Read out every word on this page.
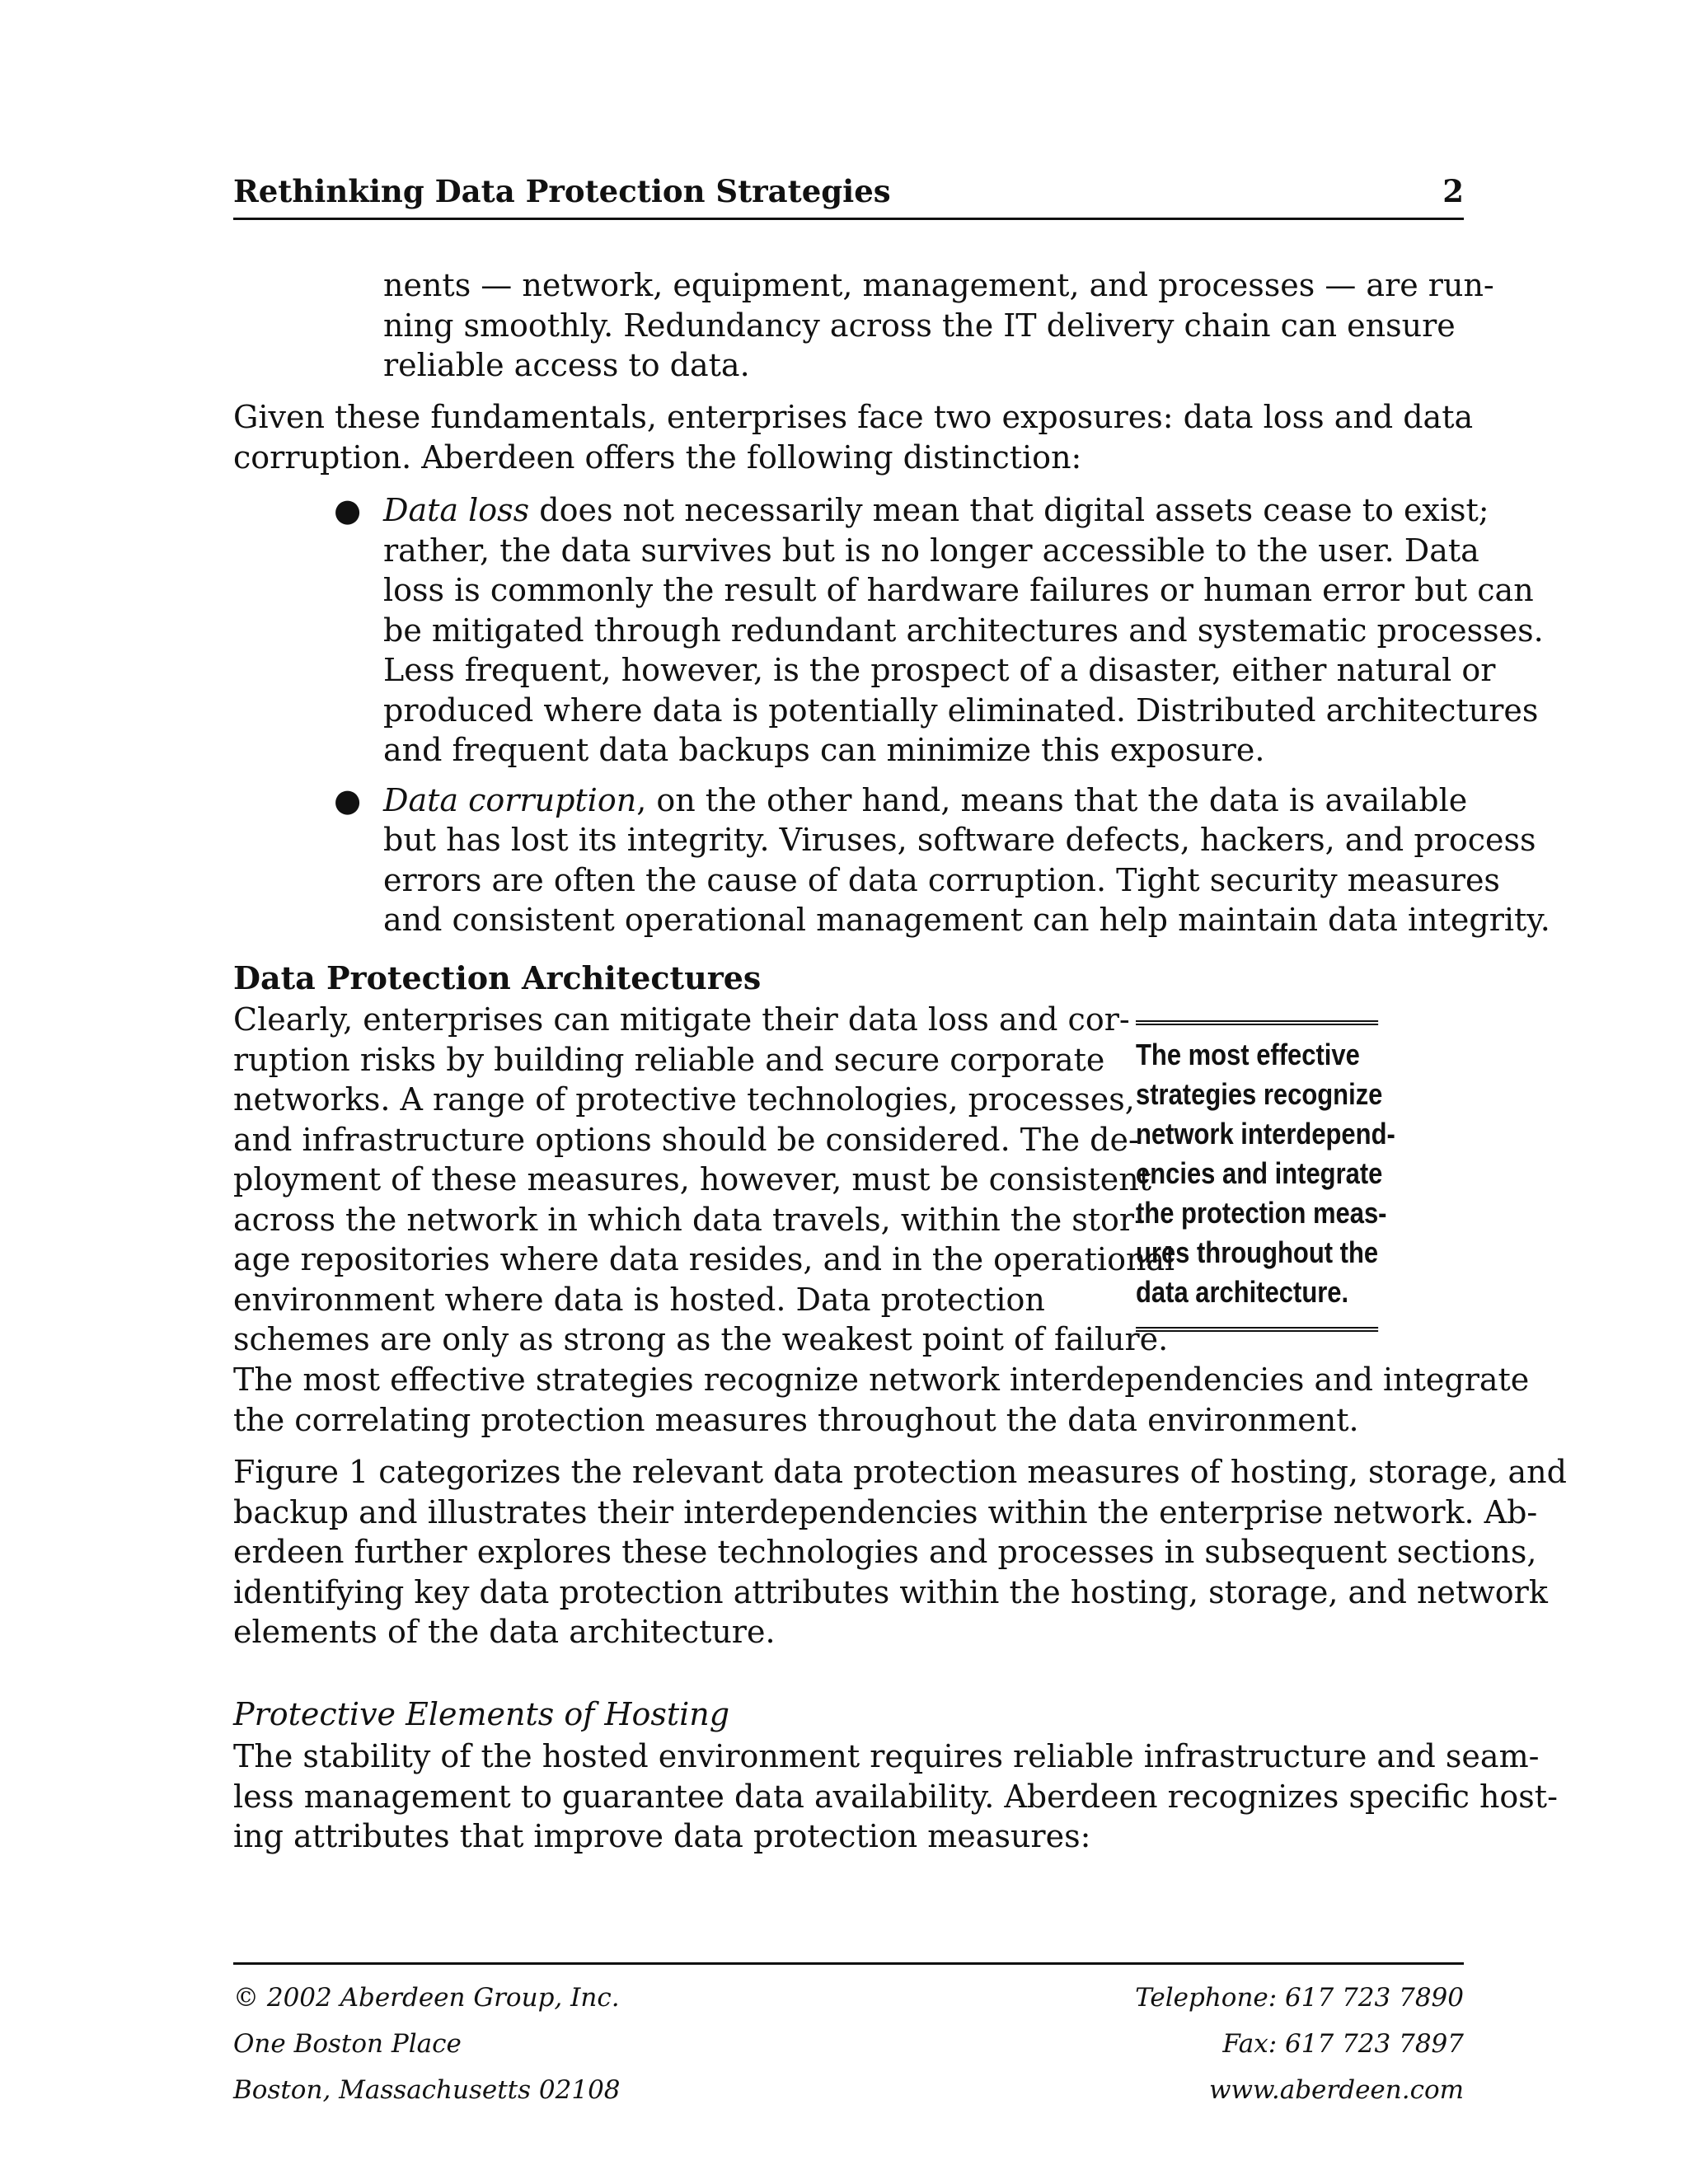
Rethinking Data Protection Strategies	2
nents — network, equipment, management, and processes — are run-
ning smoothly. Redundancy across the IT delivery chain can ensure
reliable access to data.
Given these fundamentals, enterprises face two exposures: data loss and data
corruption. Aberdeen offers the following distinction:
● Data loss does not necessarily mean that digital assets cease to exist;
rather, the data survives but is no longer accessible to the user. Data
loss is commonly the result of hardware failures or human error but can
be mitigated through redundant architectures and systematic processes.
Less frequent, however, is the prospect of a disaster, either natural or
produced where data is potentially eliminated. Distributed architectures
and frequent data backups can minimize this exposure.
● Data corruption, on the other hand, means that the data is available
but has lost its integrity. Viruses, software defects, hackers, and process
errors are often the cause of data corruption. Tight security measures
and consistent operational management can help maintain data integrity.
Data Protection Architectures
Clearly, enterprises can mitigate their data loss and cor-
ruption risks by building reliable and secure corporate
networks. A range of protective technologies, processes,
and infrastructure options should be considered. The de-
ployment of these measures, however, must be consistent
across the network in which data travels, within the stor-
age repositories where data resides, and in the operational
environment where data is hosted. Data protection
schemes are only as strong as the weakest point of failure.
The most effective strategies recognize network interdependencies and integrate
the correlating protection measures throughout the data environment.
The most effective
strategies recognize
network interdepend-
encies and integrate
the protection meas-
ures throughout the
data architecture.
Figure 1 categorizes the relevant data protection measures of hosting, storage, and
backup and illustrates their interdependencies within the enterprise network. Ab-
erdeen further explores these technologies and processes in subsequent sections,
identifying key data protection attributes within the hosting, storage, and network
elements of the data architecture.
Protective Elements of Hosting
The stability of the hosted environment requires reliable infrastructure and seam-
less management to guarantee data availability. Aberdeen recognizes specific host-
ing attributes that improve data protection measures:
© 2002 Aberdeen Group, Inc.	Telephone: 617 723 7890
One Boston Place	Fax: 617 723 7897
Boston, Massachusetts 02108	www.aberdeen.com
